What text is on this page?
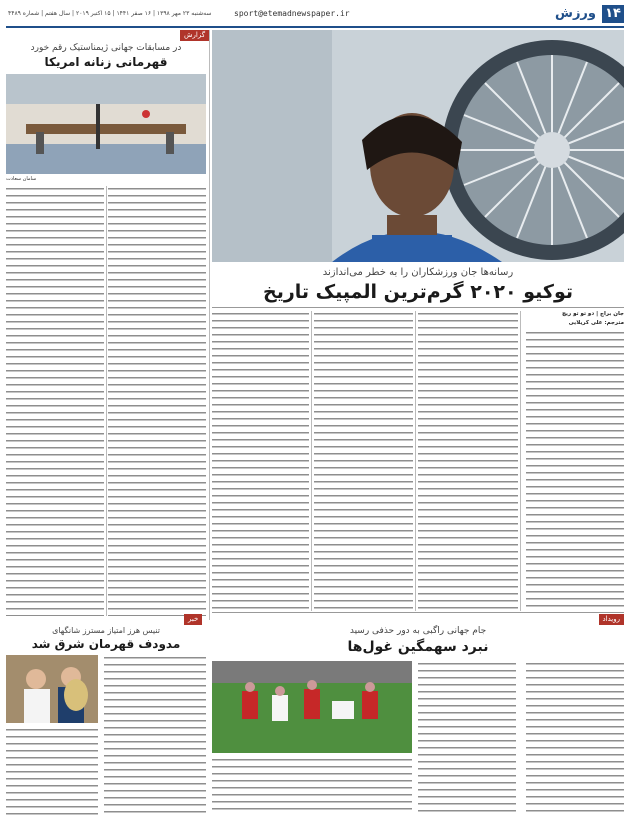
۱۴
ورزش
sport@etemadnewspaper.ir
سه‌شنبه ۲۳ مهر ۱۳۹۸ | ۱۶ صفر ۱۴۴۱ | ۱۵ اکتبر ۲۰۱۹ | سال هفتم | شماره ۴۴۸۹
رسانه‌ها جان ورزشکاران را به خطر می‌اندازند
توکیو ۲۰۲۰ گرم‌ترین المپیک تاریخ
جان براچ | دو تو تو ریچ
مترجم: علی کریلایی
گزارش
در مسابقات جهانی ژیمناستیک رقم خورد
قهرمانی زنانه امریکا
سامان سعادت
خبر
تنیس هرز امتیاز مسترز شانگهای
مدودف قهرمان شرق شد
رویداد
جام جهانی راگبی به دور حذفی رسید
نبرد سهمگین غول‌ها
